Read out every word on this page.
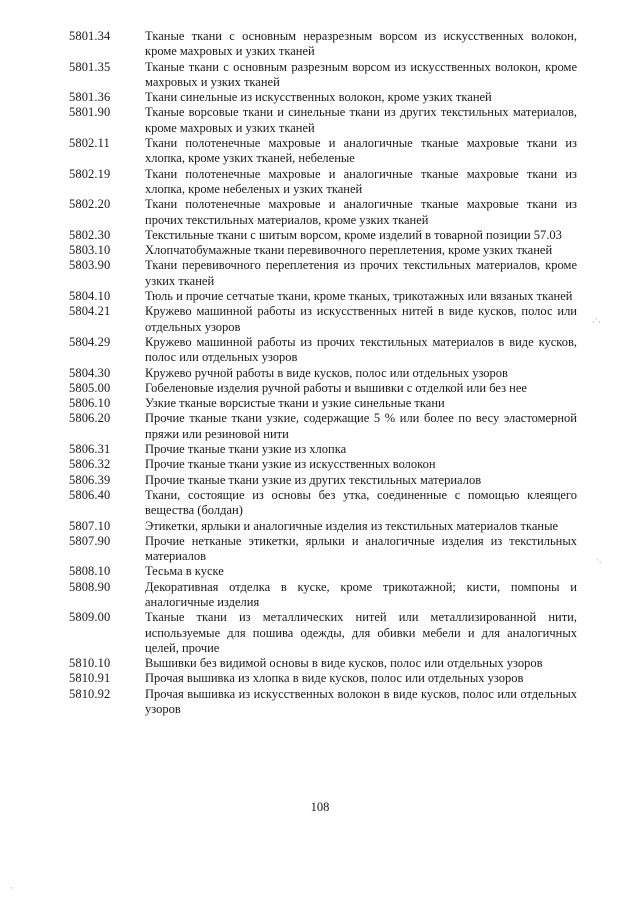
5801.34	Тканые ткани с основным неразрезным ворсом из искусственных волокон, кроме махровых и узких тканей
5801.35	Тканые ткани с основным разрезным ворсом из искусственных волокон, кроме махровых и узких тканей
5801.36	Ткани синельные из искусственных волокон, кроме узких тканей
5801.90	Тканые ворсовые ткани и синельные ткани из других текстильных материалов, кроме махровых и узких тканей
5802.11	Ткани полотенечные махровые и аналогичные тканые махровые ткани из хлопка, кроме узких тканей, небеленые
5802.19	Ткани полотенечные махровые и аналогичные тканые махровые ткани из хлопка, кроме небеленых и узких тканей
5802.20	Ткани полотенечные махровые и аналогичные тканые махровые ткани из прочих текстильных материалов, кроме узких тканей
5802.30	Текстильные ткани с шитым ворсом, кроме изделий в товарной позиции 57.03
5803.10	Хлопчатобумажные ткани перевивочного переплетения, кроме узких тканей
5803.90	Ткани перевивочного переплетения из прочих текстильных материалов, кроме узких тканей
5804.10	Тюль и прочие сетчатые ткани, кроме тканых, трикотажных или вязаных тканей
5804.21	Кружево машинной работы из искусственных нитей в виде кусков, полос или отдельных узоров
5804.29	Кружево машинной работы из прочих текстильных материалов в виде кусков, полос или отдельных узоров
5804.30	Кружево ручной работы в виде кусков, полос или отдельных узоров
5805.00	Гобеленовые изделия ручной работы и вышивки с отделкой или без нее
5806.10	Узкие тканые ворсистые ткани и узкие синельные ткани
5806.20	Прочие тканые ткани узкие, содержащие 5 % или более по весу эластомерной пряжи или резиновой нити
5806.31	Прочие тканые ткани узкие из хлопка
5806.32	Прочие тканые ткани узкие из искусственных волокон
5806.39	Прочие тканые ткани узкие из других текстильных материалов
5806.40	Ткани, состоящие из основы без утка, соединенные с помощью клеящего вещества (болдан)
5807.10	Этикетки, ярлыки и аналогичные изделия из текстильных материалов тканые
5807.90	Прочие нетканые этикетки, ярлыки и аналогичные изделия из текстильных материалов
5808.10	Тесьма в куске
5808.90	Декоративная отделка в куске, кроме трикотажной; кисти, помпоны и аналогичные изделия
5809.00	Тканые ткани из металлических нитей или металлизированной нити, используемые для пошива одежды, для обивки мебели и для аналогичных целей, прочие
5810.10	Вышивки без видимой основы в виде кусков, полос или отдельных узоров
5810.91	Прочая вышивка из хлопка в виде кусков, полос или отдельных узоров
5810.92	Прочая вышивка из искусственных волокон в виде кусков, полос или отдельных узоров
108
·˙·
·.
·
